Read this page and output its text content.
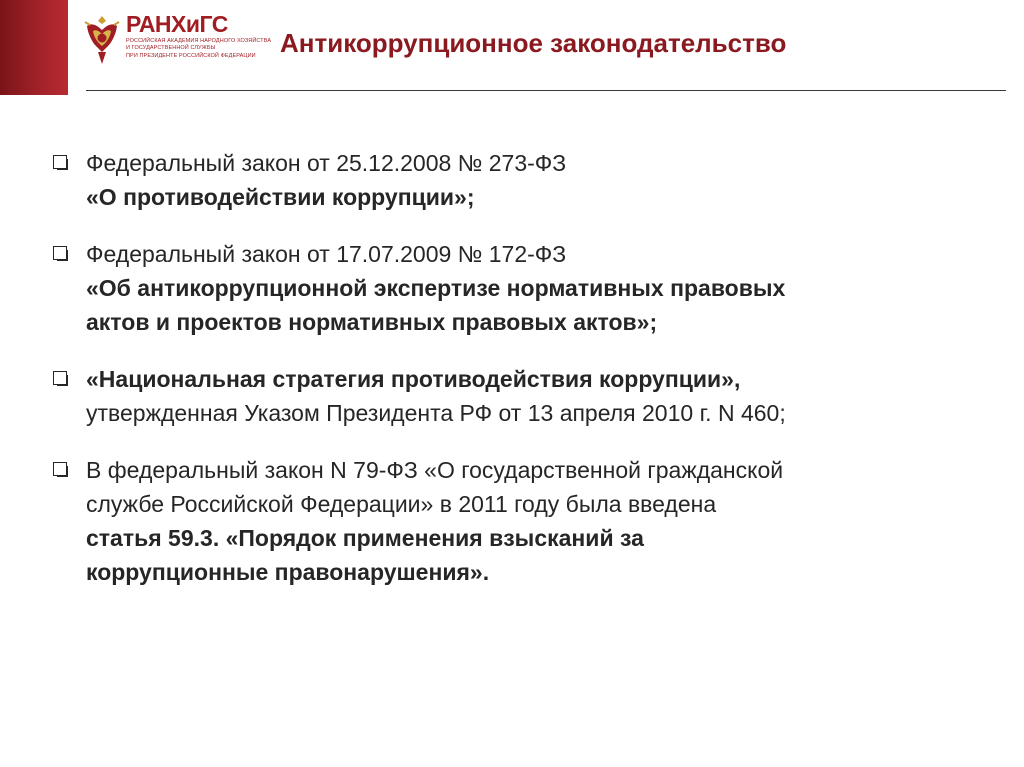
РАНХиГС
РОССИЙСКАЯ АКАДЕМИЯ НАРОДНОГО ХОЗЯЙСТВА
И ГОСУДАРСТВЕННОЙ СЛУЖБЫ
ПРИ ПРЕЗИДЕНТЕ РОССИЙСКОЙ ФЕДЕРАЦИИ Антикоррупционное законодательство
Федеральный закон от 25.12.2008 № 273-ФЗ
«О противодействии коррупции»;
Федеральный закон от 17.07.2009 № 172-ФЗ
«Об антикоррупционной экспертизе нормативных правовых
актов и проектов нормативных правовых актов»;
«Национальная стратегия противодействия коррупции»,
утвержденная Указом Президента РФ от 13 апреля 2010 г. N 460;
В федеральный закон N 79-ФЗ «О государственной гражданской
службе Российской Федерации» в 2011 году была введена
статья 59.3. «Порядок применения взысканий за
коррупционные правонарушения».
